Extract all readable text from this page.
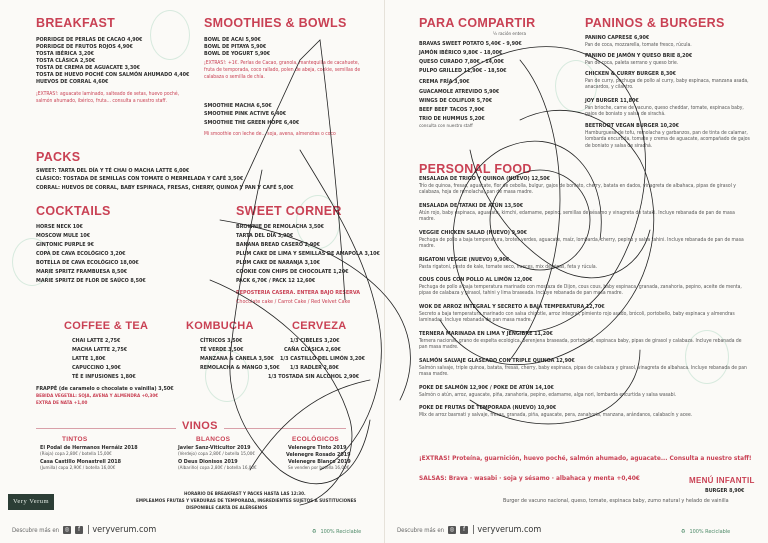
BREAKFAST
PORRIDGE DE PERLAS DE CACAO 4,90€
PORRIDGE DE FRUTOS ROJOS 4,90€
TOSTA IBÉRICA 3,20€
TOSTA CLÁSICA 2,50€
TOSTA DE CREMA DE AGUACATE 3,30€
TOSTA DE HUEVO POCHÉ CON SALMÓN AHUMADO 4,40€
HUEVOS DE CORRAL 4,60€
¡EXTRAS!: aguacate laminado, salteado de setas, huevo poché, salmón ahumado, ibérico, fruta... consulta a nuestro staff.
SMOOTHIES & BOWLS
BOWL DE ACAI 5,90€
BOWL DE PITAYA 5,90€
BOWL DE YOGURT 5,90€
¡EXTRAS!: +1€. Perlas de Cacao, granola, mantequilla de cacahuete, fruta de temporada, coco rallado, polen de abeja, cookie, semillas de calabaza o semilla de chía.
SMOOTHIE MACHA 6,50€
SMOOTHIE PINK ACTIVE 6,40€
SMOOTHIE THE GREEN HOPE 6,40€
Mi smoothie con leche de... soja, avena, almendras o coco
PACKS
SWEET: TARTA DEL DÍA Y TÉ CHAI O MACHA LATTE 6,00€
CLÁSICO: TOSTADA DE SEMILLAS CON TOMATE O MERMELADA Y CAFÉ 3,50€
CORRAL: HUEVOS DE CORRAL, BABY ESPINACA, FRESAS, CHERRY, QUINOA Y PAN Y CAFÉ 5,00€
COCKTAILS
HORSE NECK 10€
MOSCOW MULE 10€
GINTONIC PURPLE 9€
COPA DE CAVA ECOLÓGICO 3,20€
BOTELLA DE CAVA ECOLÓGICO 18,00€
MARIE SPRITZ FRAMBUESA 8,50€
MARIE SPRITZ DE FLOR DE SAÚCO 8,50€
SWEET CORNER
BROWNIE DE REMOLACHA 3,50€
TARTA DEL DÍA 3,90€
BANANA BREAD CASERO 2,90€
PLUM CAKE DE LIMA Y SEMILLAS DE AMAPOLA 3,10€
PLUM CAKE DE NARANJA 3,10€
COOKIE CON CHIPS DE CHOCOLATE 1,20€
PACK 6,70€ / PACK 12 12,60€
REPOSTERIA CASERA. ENTERA BAJO RESERVA
Chocolate cake / Carrot Cake / Red Velvet Cake
COFFEE & TEA
CHAI LATTE 2,75€
MACHA LATTE 2,75€
LATTE 1,80€
CAPUCCINO 1,90€
TÉ E INFUSIONES 1,80€
FRAPPÉ (de caramelo o chocolate o vainilla) 3,50€
BEBIDA VEGETAL: SOJA, AVENA Y ALMENDRA +0,30€
EXTRA DE NATA +1,00
KOMBUCHA
CÍTRICOS 3,50€
TÉ VERDE 3,50€
MANZANA & CANELA 3,50€
REMOLACHA & MANGO 3,50€
CERVEZA
1/3 CIBELES 3,20€
CAÑA CLÁSICA 2,60€
1/3 CASTILLO DEL LIMÓN 3,20€
1/3 RADLER 2,80€
1/3 TOSTADA SIN ALCOHOL 2,90€
VINOS
TINTOS
El Podal de Hermanos Hernáiz 2018
(Rioja) copa 2,80€ / botella 15,00€
Casa Castillo Monastrell 2018
(Jumilla) copa 2,90€ / botella 16,00€
BLANCOS
Javier Sanz-Viticultor 2019
(Verdejo) copa 2,80€ / botella 15,00€
O Deus Dionisos 2019
(Albariño) copa 2,80€ / botella 16,00€
ECOLÓGICOS
Velenegre Tinto 2019
Velenegre Rosado 2019
Velenegre Blanco 2019
Se venden por botella 16,00€
Very Verum
HORARIO DE BREAKFAST Y PACKS HASTA LAS 12:30.
EMPLEAMOS FRUTAS Y VERDURAS DE TEMPORADA, INGREDIENTES SUJETOS A SUSTITUCIONES
DISPONIBLE CARTA DE ALÉRGENOS
Descubre más en ◎	f | veryverum.com	♻ 100% Reciclable
PARA COMPARTIR
½ ración entera
BRAVAS SWEET POTATO 5,40€ - 9,90€
JAMÓN IBÉRICO 9,80€ - 18,00€
QUESO CURADO 7,80€ - 14,00€
PULPO GRILLED 11,90€ - 18,50€
CREMA FRÍA 3,90€
GUACAMOLE ATREVIDO 5,90€
WINGS DE COLIFLOR 5,70€
BEEF BEEF TACOS 7,90€
TRIO DE HUMMUS 5,20€
consulta con nuestro staff
PANINOS & BURGERS
PANINO CAPRESE 6,90€
Pan de coca, mozzarella, tomate fresco, rúcula.
PANINO DE JAMÓN Y QUESO BRIE 8,20€
Pan de coca, paleta serrano y queso brie.
CHICKEN & CURRY BURGER 8,30€
Pan de curry, pechuga de pollo al curry, baby espinaca, manzana asada, anacardos, y cilantro.
JOY BURGER 11,80€
Pan brioche, carne de vacuno, queso cheddar, tomate, espinaca baby, gajos de boniato y salsa de sirachá.
BEETROOT VEGAN BURGER 10,20€
Hamburguesa de tofu, remolacha y garbanzos, pan de tinta de calamar, lombarda encurtida, tomate y crema de aguacate, acompañado de gajos de boniato y salsa de sirachá.
PERSONAL FOOD
ENSALADA DE TRIGO Y QUINOA (NUEVO) 12,50€
Trío de quinoa, fresas, aguacate, flor de cebolla, bulgur, gajos de boniato, cherry, batata en dados, vinagreta de albahaca, pipas de girasol y calabaza, hoja de remolacha, pan de masa madre.
ENSALADA DE TATAKI DE ATÚN 13,50€
Atún rojo, baby espinaca, aguacate, kimchi, edamame, pepino, semillas de sésamo y vinagreta de tataki. Incluye rebanada de pan de masa madre.
VEGGIE CHICKEN SALAD (NUEVO) 9,90€
Pechuga de pollo a baja temperatura, brotes verdes, aguacate, maíz, lombarda, cherry, pepino y salsa tahini. Incluye rebanada de pan de masa madre.
RIGATONI VEGGIE (NUEVO) 9,90€
Pasta rigatoni, pesto de kale, tomate seco, nueces, mix de pipas, feta y rúcula.
COUS COUS CON POLLO AL LIMÓN 12,00€
Pechuga de pollo a baja temperatura marinado con mostaza de Dijon, cous cous, baby espinaca, granada, zanahoria, pepino, aceite de menta, pipas de calabaza y girasol, tahini y lima braseada. Incluye rebanada de pan masa madre.
WOK DE ARROZ INTEGRAL Y SECRETO A BAJA TEMPERATURA 12,70€
Secreto a baja temperatura marinado con salsa chipotle, arroz integral, pimiento rojo asado, brócoli, portobello, baby espinaca y almendras laminadas. Incluye rebanada de pan masa madre.
TERNERA MARINADA EN LIMA Y JENGIBRE 11,20€
Ternera nacional, grano de espelta ecológica, berenjena braseada, portobello, espinaca baby, pipas de girasol y calabaza. Incluye rebanada de pan masa madre.
SALMÓN SALVAJE GLASEADO CON TRIPLE QUINOA 12,90€
Salmón salvaje, triple quinoa, batata, fresas, cherry, baby espinaca, pipas de calabaza y girasol, vinagreta de albahaca. Incluye rebanada de pan masa madre.
POKE DE SALMÓN 12,90€ / POKE DE ATÚN 14,10€
Salmón o atún, arroz, aguacate, piña, zanahoria, pepino, edamame, alga nori, lombarda encurtida y salsa wasabi.
POKE DE FRUTAS DE TEMPORADA (NUEVO) 10,90€
Mix de arroz basmati y salvaje, fresas, granada, piña, aguacate, pera, zanahoria, manzana, arándanos, calabacín y acee.
¡EXTRAS! Proteína, guarnición, huevo poché, salmón ahumado, aguacate... Consulta a nuestro staff!
SALSAS: Brava · wasabi · soja y sésamo · albahaca y menta +0,40€	MENÚ INFANTIL
BURGER 8,90€
Burger de vacuno nacional, queso, tomate, espinaca baby, zumo natural y helado de vainilla
Descubre más en ◎	f | veryverum.com	♻ 100% Reciclable
